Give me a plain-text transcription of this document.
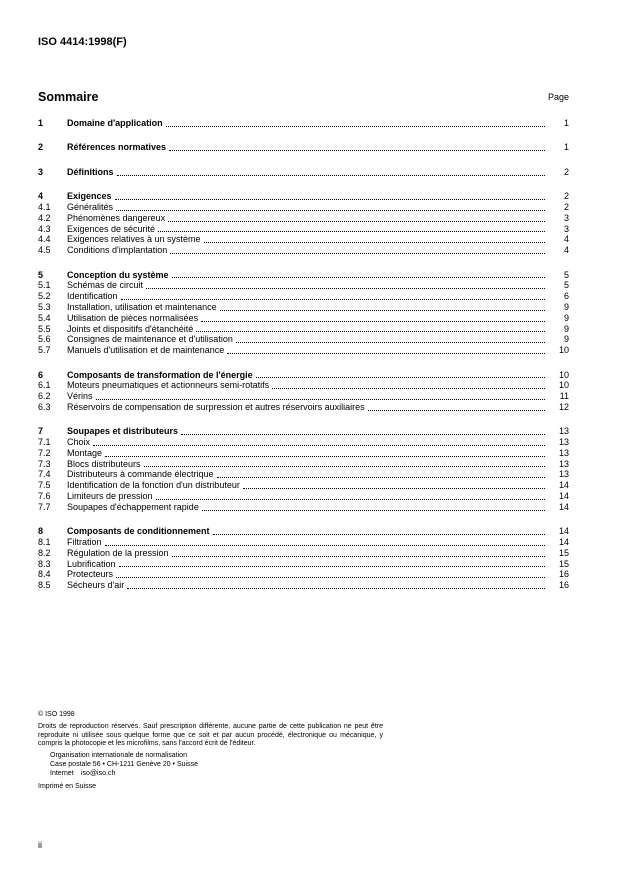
ISO 4414:1998(F)
Sommaire	Page
1	Domaine d'application	1
2	Références normatives	1
3	Définitions	2
4	Exigences	2
4.1	Généralités	2
4.2	Phénomènes dangereux	3
4.3	Exigences de sécurité	3
4.4	Exigences relatives à un système	4
4.5	Conditions d'implantation	4
5	Conception du système	5
5.1	Schémas de circuit	5
5.2	Identification	6
5.3	Installation, utilisation et maintenance	9
5.4	Utilisation de pièces normalisées	9
5.5	Joints et dispositifs d'étanchéité	9
5.6	Consignes de maintenance et d'utilisation	9
5.7	Manuels d'utilisation et de maintenance	10
6	Composants de transformation de l'énergie	10
6.1	Moteurs pneumatiques et actionneurs semi-rotatifs	10
6.2	Vérins	11
6.3	Réservoirs de compensation de surpression et autres réservoirs auxiliaires	12
7	Soupapes et distributeurs	13
7.1	Choix	13
7.2	Montage	13
7.3	Blocs distributeurs	13
7.4	Distributeurs à commande électrique	13
7.5	Identification de la fonction d'un distributeur	14
7.6	Limiteurs de pression	14
7.7	Soupapes d'échappement rapide	14
8	Composants de conditionnement	14
8.1	Filtration	14
8.2	Régulation de la pression	15
8.3	Lubrification	15
8.4	Protecteurs	16
8.5	Sécheurs d'air	16
© ISO 1998
Droits de reproduction réservés. Sauf prescription différente, aucune partie de cette publication ne peut être reproduite ni utilisée sous quelque forme que ce soit et par aucun procédé, électronique ou mécanique, y compris la photocopie et les microfilms, sans l'accord écrit de l'éditeur.
Organisation internationale de normalisation
Case postale 56 • CH-1211 Genève 20 • Suisse
Internet iso@iso.ch
Imprimé en Suisse
ii
